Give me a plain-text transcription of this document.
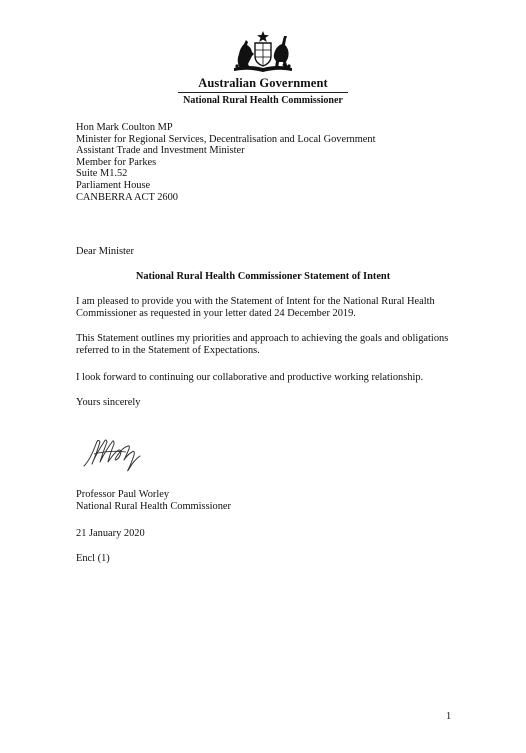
Australian Government
National Rural Health Commissioner
Hon Mark Coulton MP
Minister for Regional Services, Decentralisation and Local Government
Assistant Trade and Investment Minister
Member for Parkes
Suite M1.52
Parliament House
CANBERRA ACT 2600
Dear Minister
National Rural Health Commissioner Statement of Intent
I am pleased to provide you with the Statement of Intent for the National Rural Health Commissioner as requested in your letter dated 24 December 2019.
This Statement outlines my priorities and approach to achieving the goals and obligations referred to in the Statement of Expectations.
I look forward to continuing our collaborative and productive working relationship.
Yours sincerely
Professor Paul Worley
National Rural Health Commissioner
21 January 2020
Encl (1)
1
